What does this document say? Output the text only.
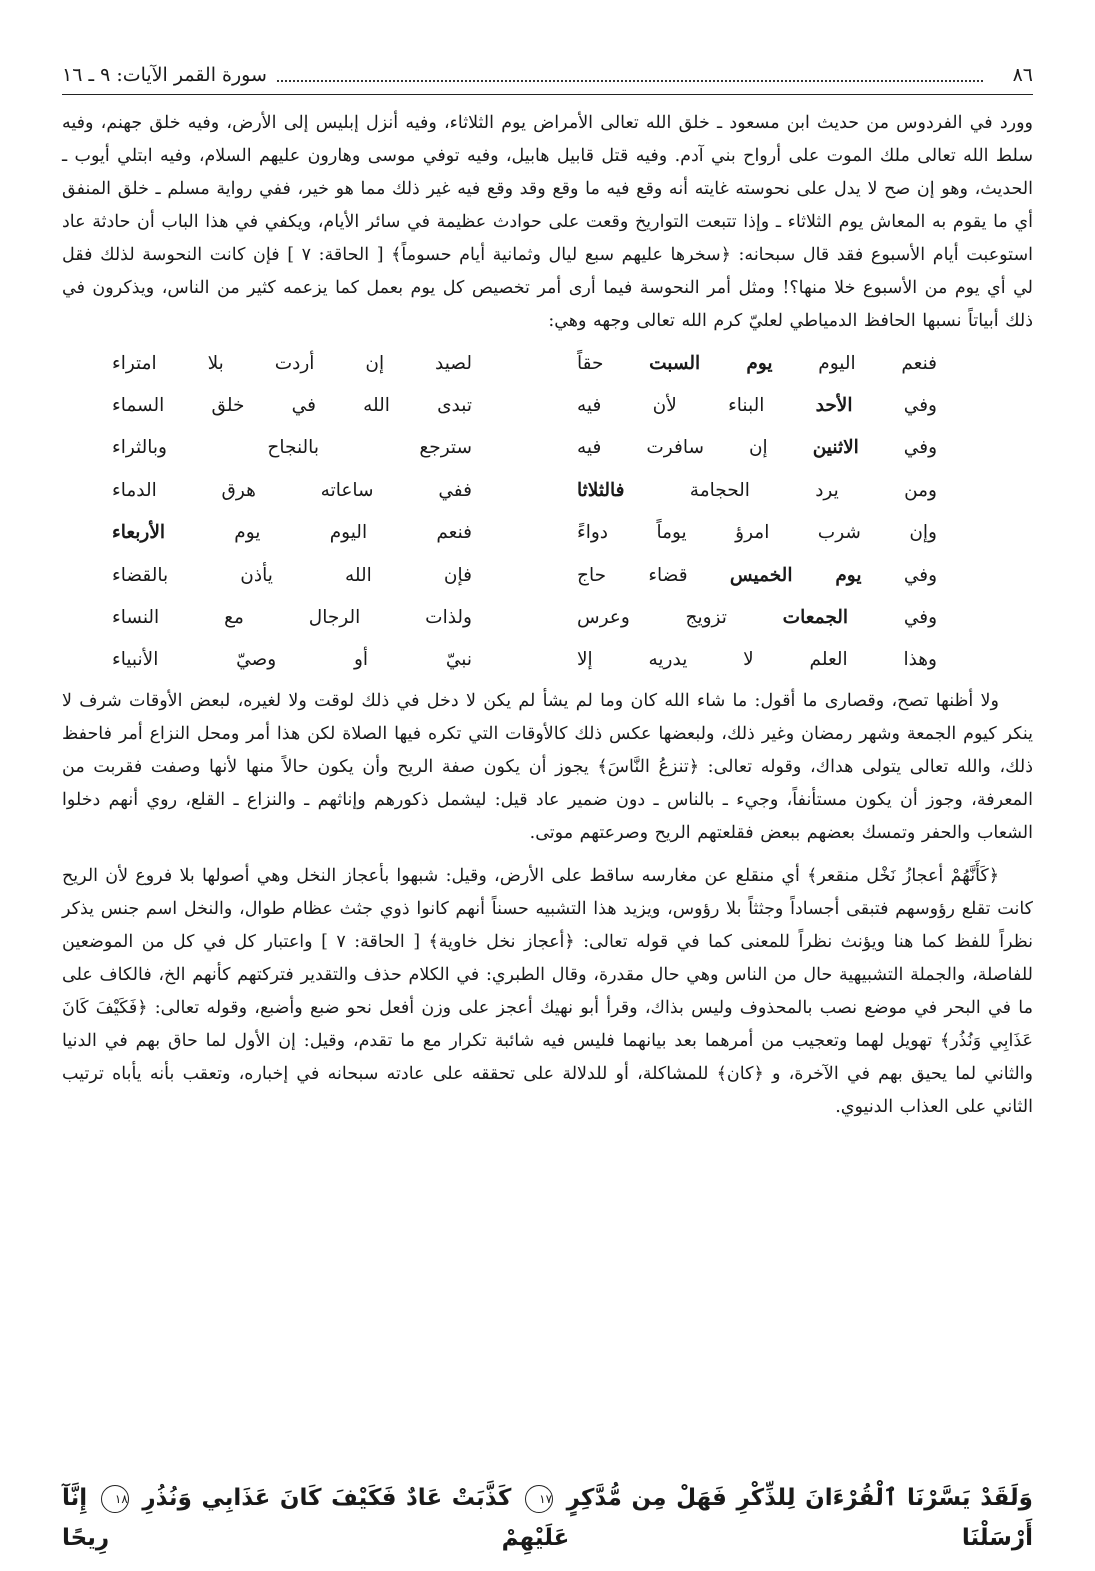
٨٦
سورة القمر الآيات: ٩ ـ ١٦

وورد في الفردوس من حديث ابن مسعود ـ خلق الله تعالى الأمراض يوم الثلاثاء، وفيه أنزل إبليس إلى الأرض، وفيه خلق جهنم، وفيه سلط الله تعالى ملك الموت على أرواح بني آدم. وفيه قتل قابيل هابيل، وفيه توفي موسى وهارون عليهم السلام، وفيه ابتلي أيوب ـ الحديث، وهو إن صح لا يدل على نحوسته غايته أنه وقع فيه ما وقع وقد وقع فيه غير ذلك مما هو خير، ففي رواية مسلم ـ خلق المنفق أي ما يقوم به المعاش يوم الثلاثاء ـ وإذا تتبعت التواريخ وقعت على حوادث عظيمة في سائر الأيام، ويكفي في هذا الباب أن حادثة عاد استوعبت أيام الأسبوع فقد قال سبحانه: ﴿سخرها عليهم سبع ليال وثمانية أيام حسوماً﴾ [ الحاقة: ٧ ] فإن كانت النحوسة لذلك فقل لي أي يوم من الأسبوع خلا منها؟! ومثل أمر النحوسة فيما أرى أمر تخصيص كل يوم بعمل كما يزعمه كثير من الناس، ويذكرون في ذلك أبياتاً نسبها الحافظ الدمياطي لعليّ كرم الله تعالى وجهه وهي:

فنعم اليوم يوم السبت حقاً
لصيد إن أردت بلا امتراء
وفي الأحد البناء لأن فيه
تبدى الله في خلق السماء
وفي الاثنين إن سافرت فيه
سترجع بالنجاح وبالثراء
ومن يرد الحجامة فالثلاثا
ففي ساعاته هرق الدماء
وإن شرب امرؤ يوماً دواءً
فنعم اليوم يوم الأربعاء
وفي يوم الخميس قضاء حاج
فإن الله يأذن بالقضاء
وفي الجمعات تزويج وعرس
ولذات الرجال مع النساء
وهذا العلم لا يدريه إلا
نبيّ أو وصيّ الأنبياء

ولا أظنها تصح، وقصارى ما أقول: ما شاء الله كان وما لم يشأ لم يكن لا دخل في ذلك لوقت ولا لغيره، لبعض الأوقات شرف لا ينكر كيوم الجمعة وشهر رمضان وغير ذلك، ولبعضها عكس ذلك كالأوقات التي تكره فيها الصلاة لكن هذا أمر ومحل النزاع أمر فاحفظ ذلك، والله تعالى يتولى هداك، وقوله تعالى: ﴿تنزعُ النَّاسَ﴾ يجوز أن يكون صفة الريح وأن يكون حالاً منها لأنها وصفت فقربت من المعرفة، وجوز أن يكون مستأنفاً، وجيء ـ بالناس ـ دون ضمير عاد قيل: ليشمل ذكورهم وإناثهم ـ والنزاع ـ القلع، روي أنهم دخلوا الشعاب والحفر وتمسك بعضهم ببعض فقلعتهم الريح وصرعتهم موتى.

﴿كَأَنَّهُمْ أعجازُ نَخْل منقعر﴾ أي منقلع عن مغارسه ساقط على الأرض، وقيل: شبهوا بأعجاز النخل وهي أصولها بلا فروع لأن الريح كانت تقلع رؤوسهم فتبقى أجساداً وجثثاً بلا رؤوس، ويزيد هذا التشبيه حسناً أنهم كانوا ذوي جثث عظام طوال، والنخل اسم جنس يذكر نظراً للفظ كما هنا ويؤنث نظراً للمعنى كما في قوله تعالى: ﴿أعجاز نخل خاوية﴾ [ الحاقة: ٧ ] واعتبار كل في كل من الموضعين للفاصلة، والجملة التشبيهية حال من الناس وهي حال مقدرة، وقال الطبري: في الكلام حذف والتقدير فتركتهم كأنهم الخ، فالكاف على ما في البحر في موضع نصب بالمحذوف وليس بذاك، وقرأ أبو نهيك أعجز على وزن أفعل نحو ضبع وأضبع، وقوله تعالى: ﴿فَكَيْفَ كَانَ عَذَابِي وَنُذُر﴾ تهويل لهما وتعجيب من أمرهما بعد بيانهما فليس فيه شائبة تكرار مع ما تقدم، وقيل: إن الأول لما حاق بهم في الدنيا والثاني لما يحيق بهم في الآخرة، و ﴿كان﴾ للمشاكلة، أو للدلالة على تحققه على عادته سبحانه في إخباره، وتعقب بأنه يأباه ترتيب الثاني على العذاب الدنيوي.

وَلَقَدْ يَسَّرْنَا ٱلْقُرْءَانَ لِلذِّكْرِ فَهَلْ مِن مُّدَّكِرٍ ١٧ كَذَّبَتْ عَادٌ فَكَيْفَ كَانَ عَذَابِي وَنُذُرِ ١٨ إِنَّآ أَرْسَلْنَا عَلَيْهِمْ رِيحًا
